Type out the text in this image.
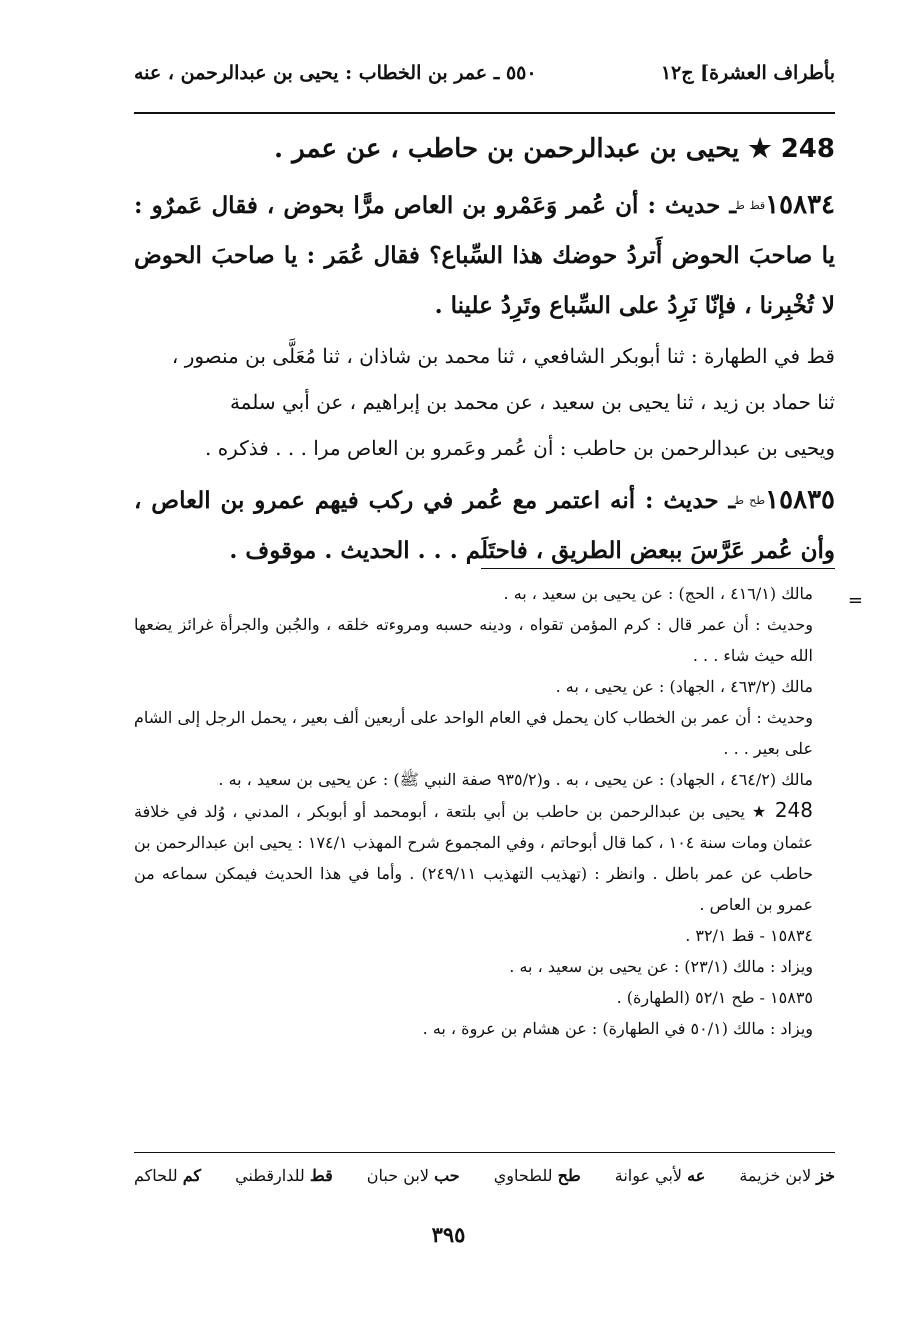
بأطراف العشرة] ج١٢
٥٥٠ ـ عمر بن الخطاب : يحيى بن عبدالرحمن ، عنه
248 ★ يحيى بن عبدالرحمن بن حاطب ، عن عمر .
١٥٨٣٤قط طـ حديث : أن عُمر وَعَمْرو بن العاص مرًّا بحوض ، فقال عَمرٌو : يا صاحبَ الحوض أَتردُ حوضك هذا السِّباع؟ فقال عُمَر : يا صاحبَ الحوض لا تُخْبِرنا ، فإنّا نَرِدُ على السِّباع وتَرِدُ علينا .
قط في الطهارة : ثنا أبوبكر الشافعي ، ثنا محمد بن شاذان ، ثنا مُعَلَّى بن منصور ،
ثنا حماد بن زيد ، ثنا يحيى بن سعيد ، عن محمد بن إبراهيم ، عن أبي سلمة
ويحيى بن عبدالرحمن بن حاطب : أن عُمر وعَمرو بن العاص مرا . . . فذكره .
١٥٨٣٥طح طـ حديث : أنه اعتمر مع عُمر في ركب فيهم عمرو بن العاص ، وأن عُمر عَرَّسَ ببعض الطريق ، فاحتَلَم . . . الحديث . موقوف .
=

مالك (٤١٦/١ ، الحج) : عن يحيى بن سعيد ، به .

وحديث : أن عمر قال : كرم المؤمن تقواه ، ودينه حسبه ومروءته خلقه ، والجُبن والجرأة غرائز يضعها الله حيث شاء . . .

مالك (٤٦٣/٢ ، الجهاد) : عن يحيى ، به .

وحديث : أن عمر بن الخطاب كان يحمل في العام الواحد على أربعين ألف بعير ، يحمل الرجل إلى الشام على بعير . . .

مالك (٤٦٤/٢ ، الجهاد) : عن يحيى ، به . و(٩٣٥/٢ صفة النبي ﷺ) : عن يحيى بن سعيد ، به .

248 ★ يحيى بن عبدالرحمن بن حاطب بن أبي بلتعة ، أبومحمد أو أبوبكر ، المدني ، وُلد في خلافة عثمان ومات سنة ١٠٤ ، كما قال أبوحاتم ، وفي المجموع شرح المهذب ١٧٤/١ : يحيى ابن عبدالرحمن بن حاطب عن عمر باطل . وانظر : (تهذيب التهذيب ٢٤٩/١١) . وأما في هذا الحديث فيمكن سماعه من عمرو بن العاص .

١٥٨٣٤ - قط ٣٢/١ .

ويزاد : مالك (٢٣/١) : عن يحيى بن سعيد ، به .

١٥٨٣٥ - طح ٥٢/١ (الطهارة) .

ويزاد : مالك (٥٠/١ في الطهارة) : عن هشام بن عروة ، به .

خز لابن خزيمة
عه لأبي عوانة
طح للطحاوي
حب لابن حبان
قط للدارقطني
كم للحاكم
٣٩٥
